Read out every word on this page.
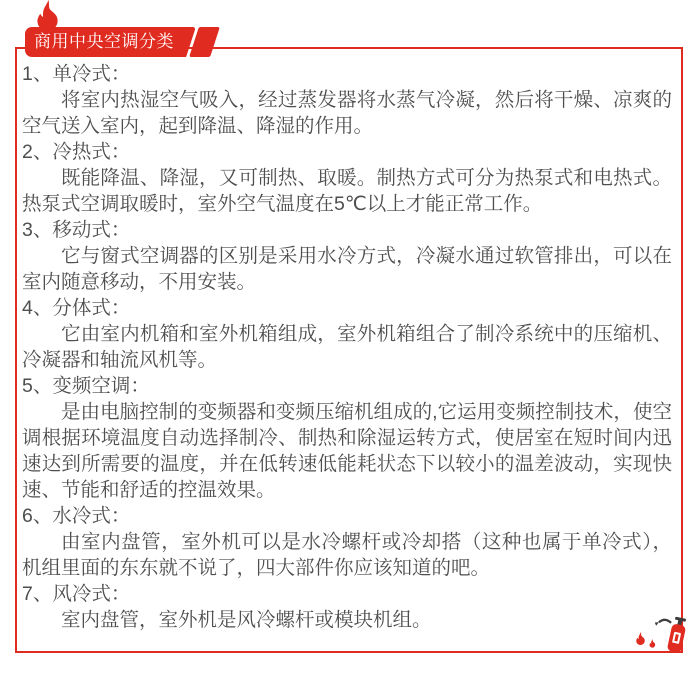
商用中央空调分类

1、单冷式：

将室内热湿空气吸入，经过蒸发器将水蒸气冷凝，然后将干燥、凉爽的空气送入室内，起到降温、降湿的作用。

2、冷热式：

既能降温、降湿，又可制热、取暖。制热方式可分为热泵式和电热式。热泵式空调取暖时，室外空气温度在5℃以上才能正常工作。

3、移动式：

它与窗式空调器的区别是采用水冷方式，冷凝水通过软管排出，可以在室内随意移动，不用安装。

4、分体式：

它由室内机箱和室外机箱组成，室外机箱组合了制冷系统中的压缩机、冷凝器和轴流风机等。

5、变频空调：

是由电脑控制的变频器和变频压缩机组成的,它运用变频控制技术，使空调根据环境温度自动选择制冷、制热和除湿运转方式，使居室在短时间内迅速达到所需要的温度，并在低转速低能耗状态下以较小的温差波动，实现快速、节能和舒适的控温效果。

6、水冷式：

由室内盘管，室外机可以是水冷螺杆或冷却搭（这种也属于单冷式），机组里面的东东就不说了，四大部件你应该知道的吧。

7、风冷式：

室内盘管，室外机是风冷螺杆或模块机组。
